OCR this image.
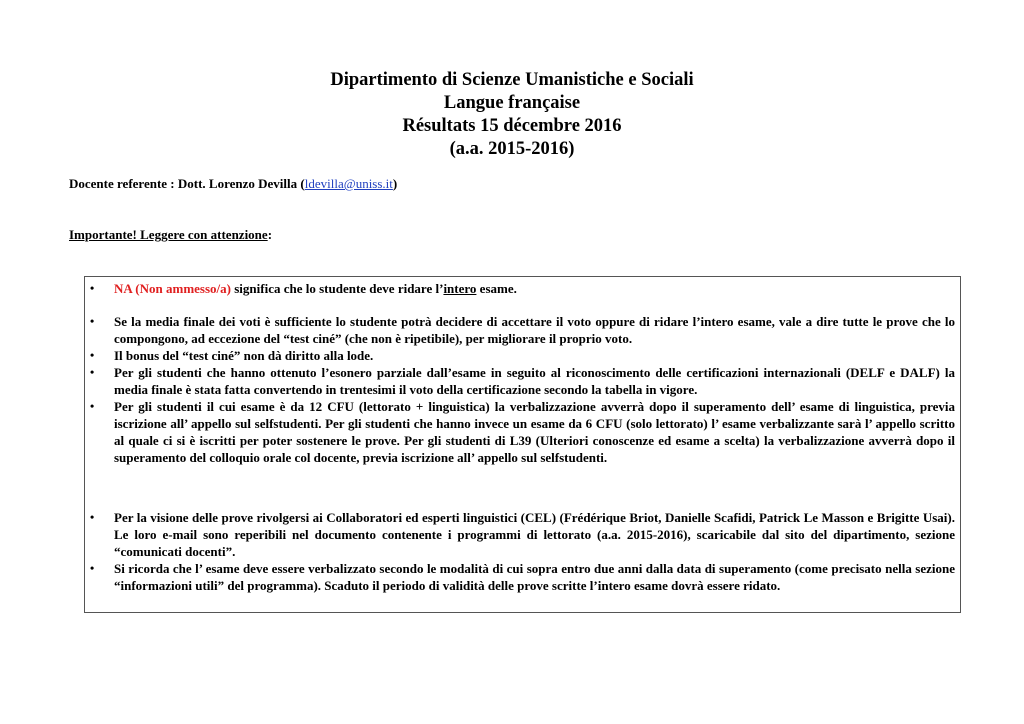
Dipartimento di Scienze Umanistiche e Sociali
Langue française
Résultats 15 décembre 2016
(a.a. 2015-2016)
Docente referente : Dott. Lorenzo Devilla (ldevilla@uniss.it)
Importante! Leggere con attenzione:
• NA (Non ammesso/a) significa che lo studente deve ridare l’intero esame.
• Se la media finale dei voti è sufficiente lo studente potrà decidere di accettare il voto oppure di ridare l’intero esame, vale a dire tutte le prove che lo compongono, ad eccezione del “test ciné” (che non è ripetibile), per migliorare il proprio voto.
• Il bonus del “test ciné” non dà diritto alla lode.
• Per gli studenti che hanno ottenuto l’esonero parziale dall’esame in seguito al riconoscimento delle certificazioni internazionali (DELF e DALF) la media finale è stata fatta convertendo in trentesimi il voto della certificazione secondo la tabella in vigore.
• Per gli studenti il cui esame è da 12 CFU (lettorato + linguistica) la verbalizzazione avverrà dopo il superamento dell’ esame di linguistica, previa iscrizione all’ appello sul selfstudenti. Per gli studenti che hanno invece un esame da 6 CFU (solo lettorato) l’ esame verbalizzante sarà l’ appello scritto al quale ci si è iscritti per poter sostenere le prove. Per gli studenti di L39 (Ulteriori conoscenze ed esame a scelta) la verbalizzazione avverrà dopo il superamento del colloquio orale col docente, previa iscrizione all’ appello sul selfstudenti.
• Per la visione delle prove rivolgersi ai Collaboratori ed esperti linguistici (CEL) (Frédérique Briot, Danielle Scafidi, Patrick Le Masson e Brigitte Usai). Le loro e-mail sono reperibili nel documento contenente i programmi di lettorato (a.a. 2015-2016), scaricabile dal sito del dipartimento, sezione “comunicati docenti”.
• Si ricorda che l’ esame deve essere verbalizzato secondo le modalità di cui sopra entro due anni dalla data di superamento (come precisato nella sezione “informazioni utili” del programma). Scaduto il periodo di validità delle prove scritte l’intero esame dovrà essere ridato.
